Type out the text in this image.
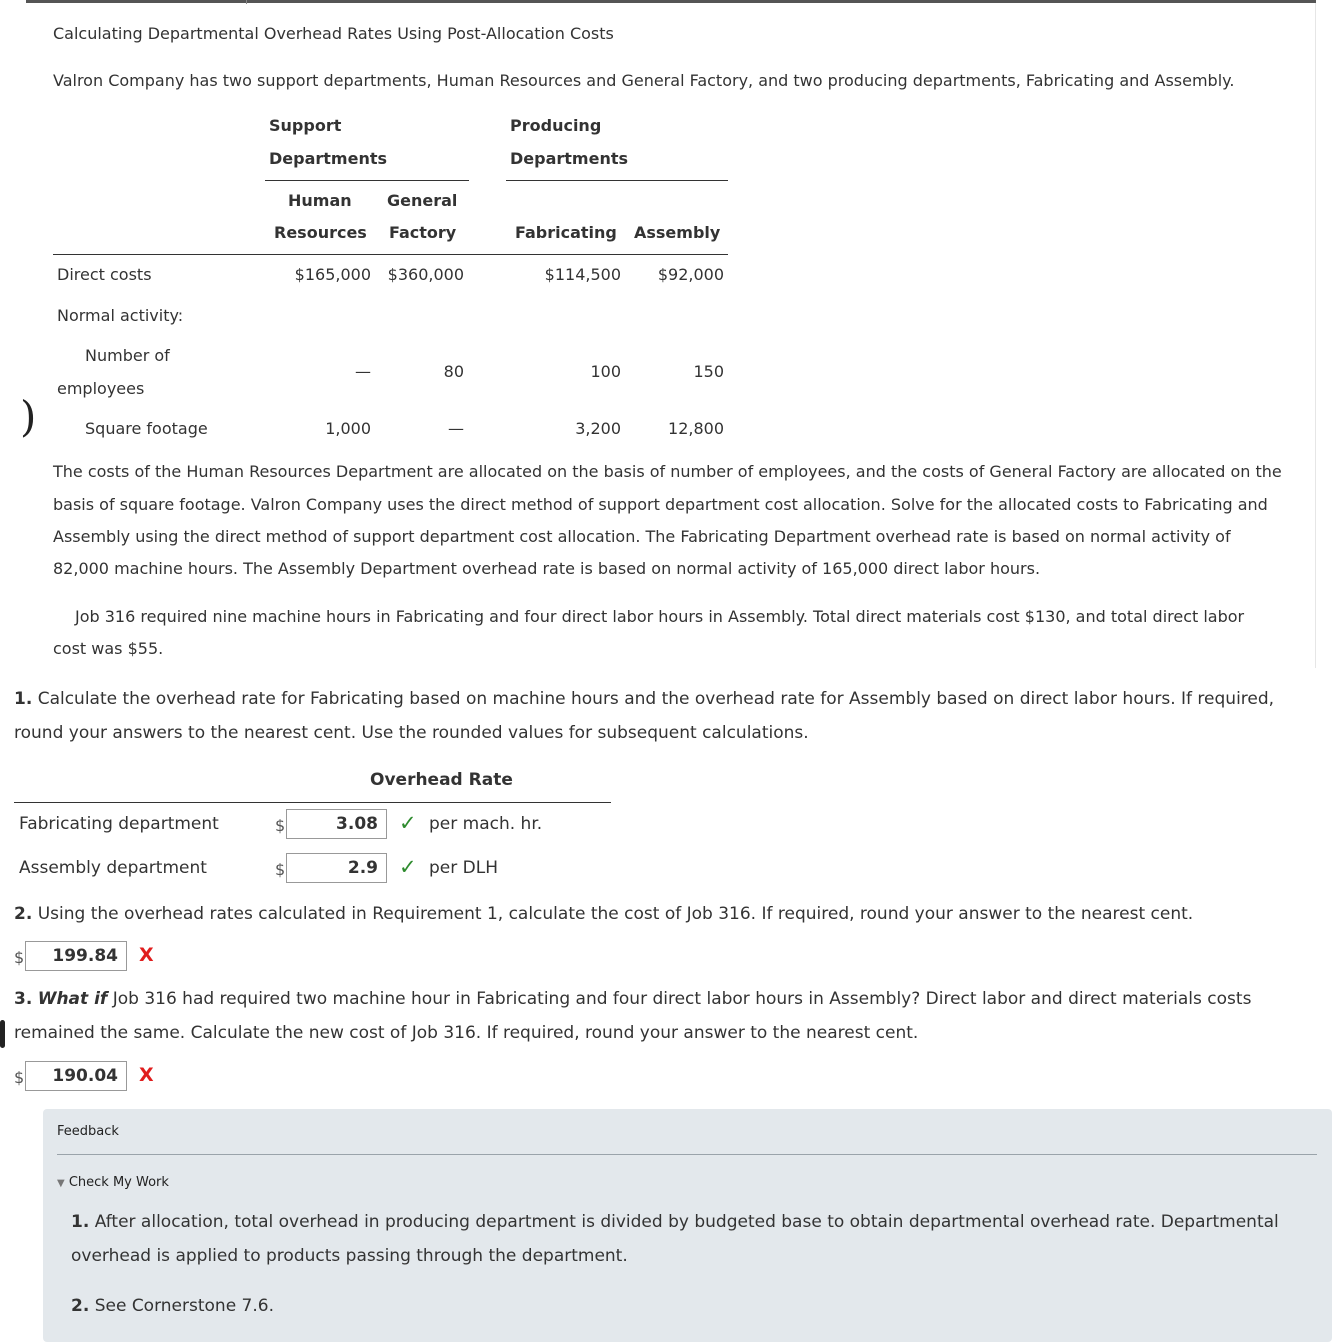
)
Calculating Departmental Overhead Rates Using Post-Allocation Costs
Valron Company has two support departments, Human Resources and General Factory, and two producing departments, Fabricating and Assembly.
Support
Departments
Producing
Departments
Human
Resources
General
Factory	Fabricating Assembly
Direct costs	$165,000	$360,000	$114,500	$92,000
Normal activity:
Number of
employees
—	80	100	150
Square footage	1,000	—	3,200	12,800
The costs of the Human Resources Department are allocated on the basis of number of employees, and the costs of General Factory are allocated on the
basis of square footage. Valron Company uses the direct method of support department cost allocation. Solve for the allocated costs to Fabricating and
Assembly using the direct method of support department cost allocation. The Fabricating Department overhead rate is based on normal activity of
82,000 machine hours. The Assembly Department overhead rate is based on normal activity of 165,000 direct labor hours.
Job 316 required nine machine hours in Fabricating and four direct labor hours in Assembly. Total direct materials cost $130, and total direct labor
cost was $55.
1. Calculate the overhead rate for Fabricating based on machine hours and the overhead rate for Assembly based on direct labor hours. If required,
round your answers to the nearest cent. Use the rounded values for subsequent calculations.
Overhead Rate
Fabricating department	$	3.08	✓ per mach. hr.
Assembly department	$	2.9	✓ per DLH
2. Using the overhead rates calculated in Requirement 1, calculate the cost of Job 316. If required, round your answer to the nearest cent.
$	199.84	X
3. What if Job 316 had required two machine hour in Fabricating and four direct labor hours in Assembly? Direct labor and direct materials costs
remained the same. Calculate the new cost of Job 316. If required, round your answer to the nearest cent.
$	190.04	X
Feedback
▼ Check My Work
1. After allocation, total overhead in producing department is divided by budgeted base to obtain departmental overhead rate. Departmental
overhead is applied to products passing through the department.
2. See Cornerstone 7.6.
